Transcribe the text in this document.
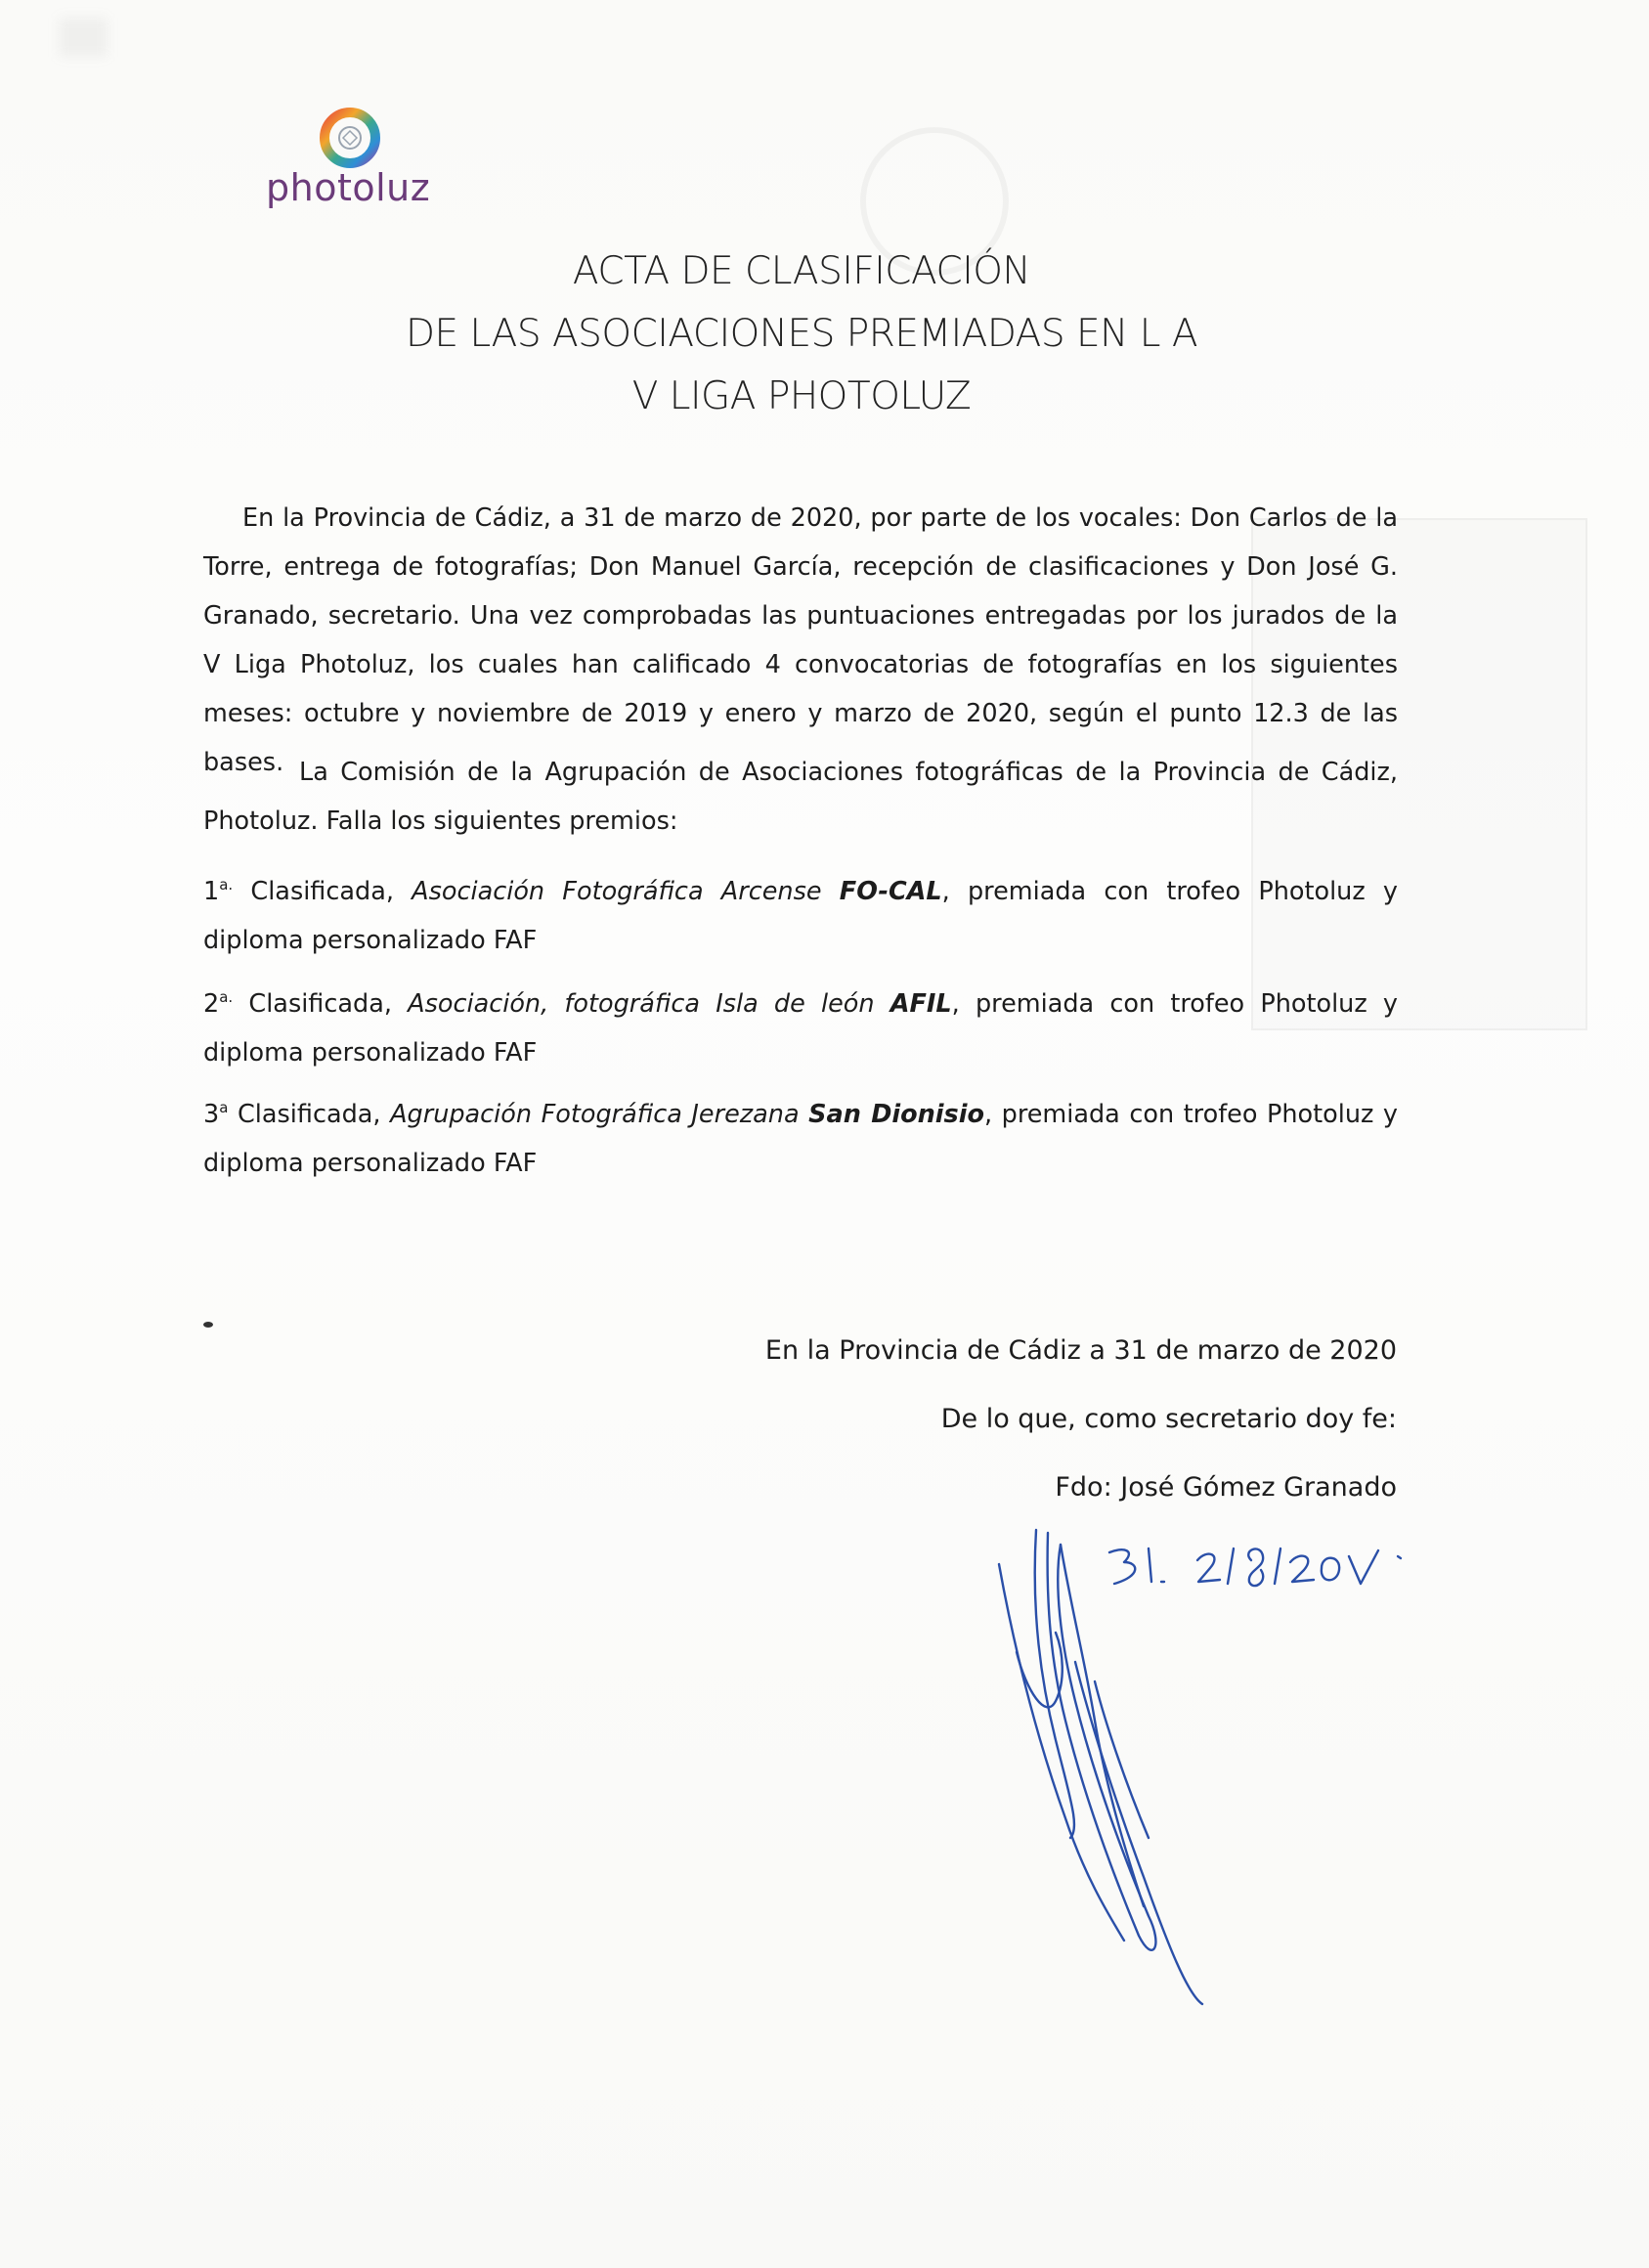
photoluz
ACTA DE CLASIFICACIÓN
DE LAS ASOCIACIONES PREMIADAS EN L A
V LIGA PHOTOLUZ
En la Provincia de Cádiz, a 31 de marzo de 2020, por parte de los vocales: Don Carlos de la Torre, entrega de fotografías; Don Manuel García, recepción de clasificaciones y Don José G. Granado, secretario. Una vez comprobadas las puntuaciones entregadas por los jurados de la V Liga Photoluz, los cuales han calificado 4 convocatorias de fotografías en los siguientes meses: octubre y noviembre de 2019 y enero y marzo de 2020, según el punto 12.3 de las bases. La Comisión de la Agrupación de Asociaciones fotográficas de la Provincia de Cádiz, Photoluz. Falla los siguientes premios:
$1^{a.}$ Clasificada, Asociación Fotográfica Arcense FO-CAL, premiada con trofeo Photoluz y diploma personalizado FAF
$2^{a.}$ Clasificada, Asociación, fotográfica Isla de león AFIL, premiada con trofeo Photoluz y diploma personalizado FAF
3$^a$ Clasificada, Agrupación Fotográfica Jerezana San Dionisio, premiada con trofeo Photoluz y diploma personalizado FAF
En la Provincia de Cádiz a 31 de marzo de 2020
De lo que, como secretario doy fe:
Fdo: José Gómez Granado
